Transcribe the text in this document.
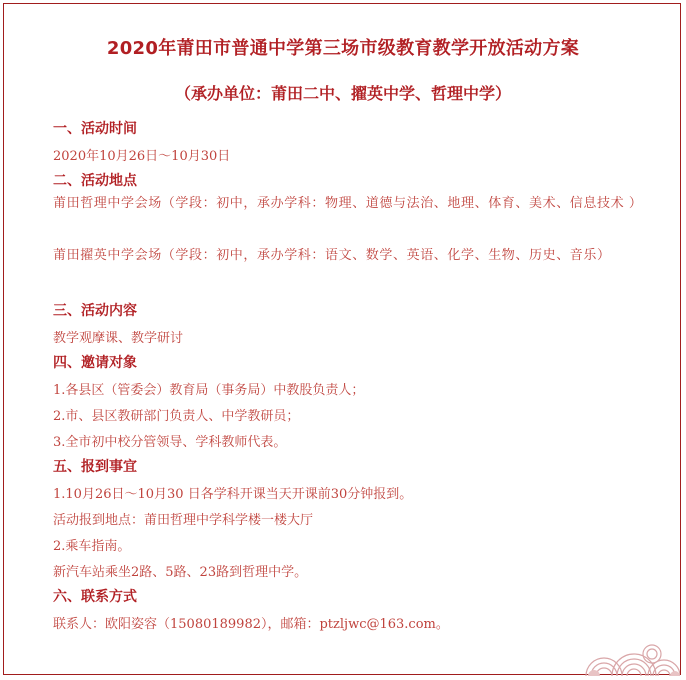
2020年莆田市普通中学第三场市级教育教学开放活动方案
（承办单位：莆田二中、擢英中学、哲理中学）
一、活动时间
2020年10月26日～10月30日
二、活动地点
莆田哲理中学会场（学段：初中，承办学科：物理、道德与法治、地理、体育、美术、信息技术 ）
莆田擢英中学会场（学段：初中，承办学科：语文、数学、英语、化学、生物、历史、音乐）
三、活动内容
教学观摩课、教学研讨
四、邀请对象
1.各县区（管委会）教育局（事务局）中教股负责人；
2.市、县区教研部门负责人、中学教研员；
3.全市初中校分管领导、学科教师代表。
五、报到事宜
1.10月26日～10月30 日各学科开课当天开课前30分钟报到。
活动报到地点：莆田哲理中学科学楼一楼大厅
2.乘车指南。
新汽车站乘坐2路、5路、23路到哲理中学。
六、联系方式
联系人：欧阳姿容（15080189982），邮箱：ptzljwc@163.com。
